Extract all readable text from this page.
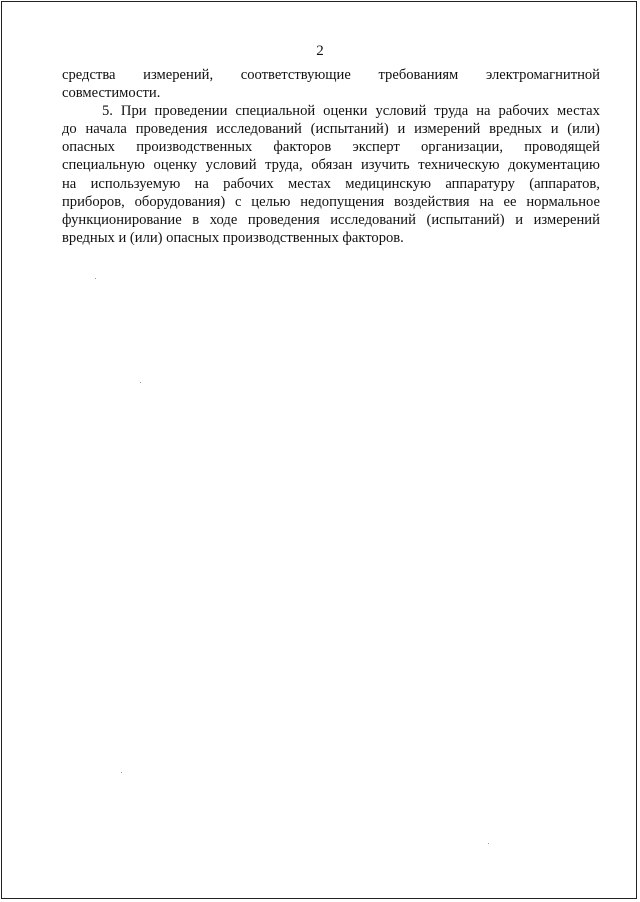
2
средства измерений, соответствующие требованиям электромагнитной
совместимости.
5. При проведении специальной оценки условий труда на рабочих местах
до начала проведения исследований (испытаний) и измерений вредных и (или)
опасных производственных факторов эксперт организации, проводящей
специальную оценку условий труда, обязан изучить техническую документацию
на используемую на рабочих местах медицинскую аппаратуру (аппаратов,
приборов, оборудования) с целью недопущения воздействия на ее нормальное
функционирование в ходе проведения исследований (испытаний) и измерений
вредных и (или) опасных производственных факторов.
